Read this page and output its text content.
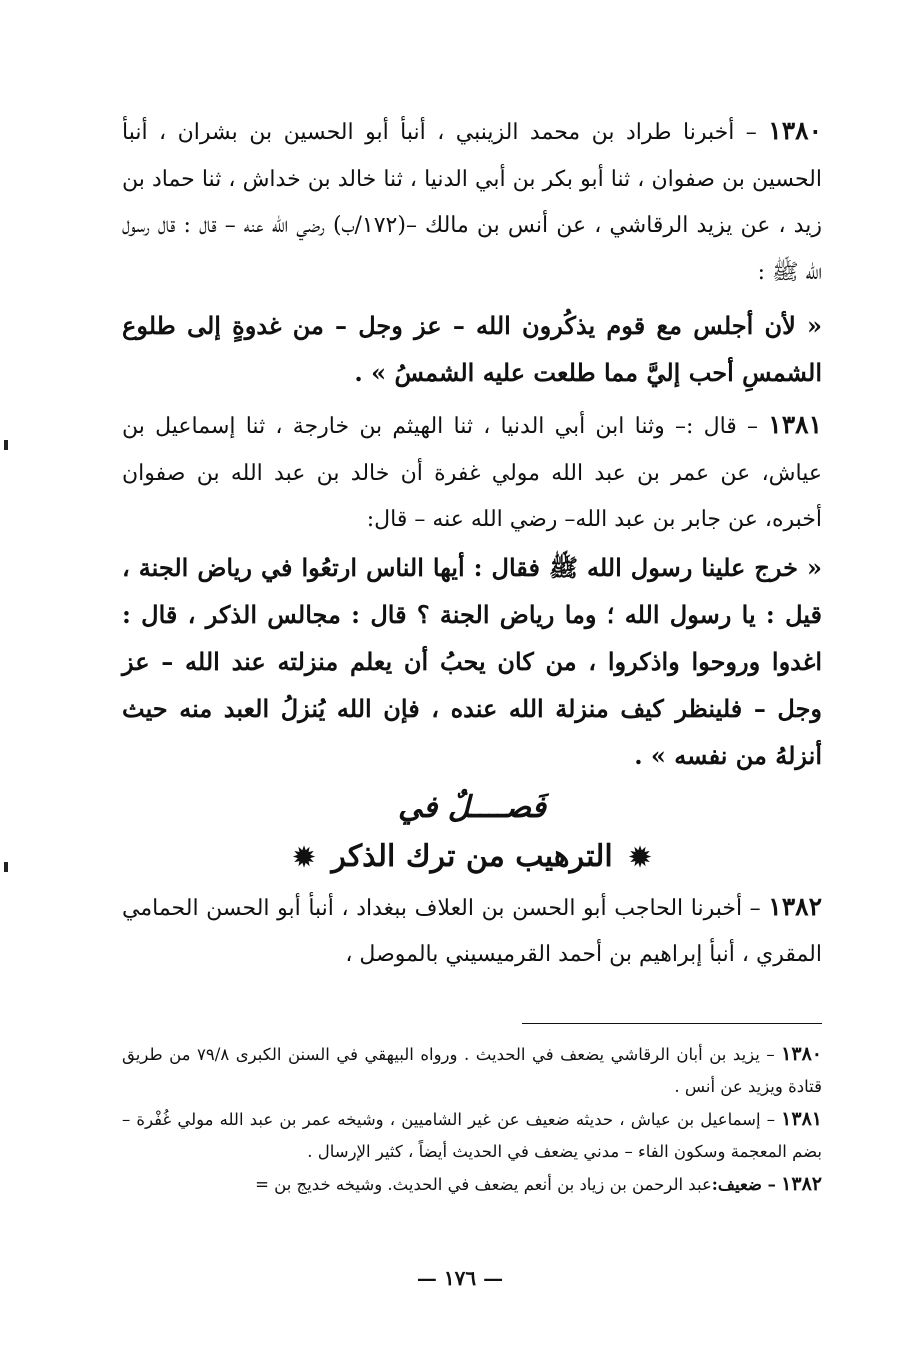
١٣٨٠ – أخبرنا طراد بن محمد الزينبي ، أنبأ أبو الحسين بن بشران ، أنبأ الحسين بن صفوان ، ثنا أبو بكر بن أبي الدنيا ، ثنا خالد بن خداش ، ثنا حماد بن زيد ، عن يزيد الرقاشي ، عن أنس بن مالك –(١٧٢/ب) رضي الله عنه – قال : قال رسول الله ﷺ :

« لأن أجلس مع قوم يذكُرون الله – عز وجل – من غدوةٍ إلى طلوع الشمسِ أحب إليَّ مما طلعت عليه الشمسُ » .

١٣٨١ – قال :– وثنا ابن أبي الدنيا ، ثنا الهيثم بن خارجة ، ثنا إسماعيل بن عياش، عن عمر بن عبد الله مولي غفرة أن خالد بن عبد الله بن صفوان أخبره، عن جابر بن عبد الله– رضي الله عنه – قال:

« خرج علينا رسول الله ﷺ فقال : أيها الناس ارتعُوا في رياض الجنة ، قيل : يا رسول الله ؛ وما رياض الجنة ؟ قال : مجالس الذكر ، قال : اغدوا وروحوا واذكروا ، من كان يحبُ أن يعلم منزلته عند الله – عز وجل – فلينظر كيف منزلة الله عنده ، فإن الله يُنزلُ العبد منه حيث أنزلهُ من نفسه » .

فَصــــلٌ في
✹ الترهيب من ترك الذكر ✹

١٣٨٢ – أخبرنا الحاجب أبو الحسن بن العلاف ببغداد ، أنبأ أبو الحسن الحمامي المقري ، أنبأ إبراهيم بن أحمد القرميسيني بالموصل ،

١٣٨٠ – يزيد بن أبان الرقاشي يضعف في الحديث . ورواه البيهقي في السنن الكبرى ٧٩/٨ من طريق قتادة ويزيد عن أنس .

١٣٨١ – إسماعيل بن عياش ، حديثه ضعيف عن غير الشاميين ، وشيخه عمر بن عبد الله مولي غُفْرة – بضم المعجمة وسكون الفاء – مدني يضعف في الحديث أيضاً ، كثير الإرسال .

١٣٨٢ – ضعيف:عبد الرحمن بن زياد بن أنعم يضعف في الحديث. وشيخه خديج بن =

— ١٧٦ —
